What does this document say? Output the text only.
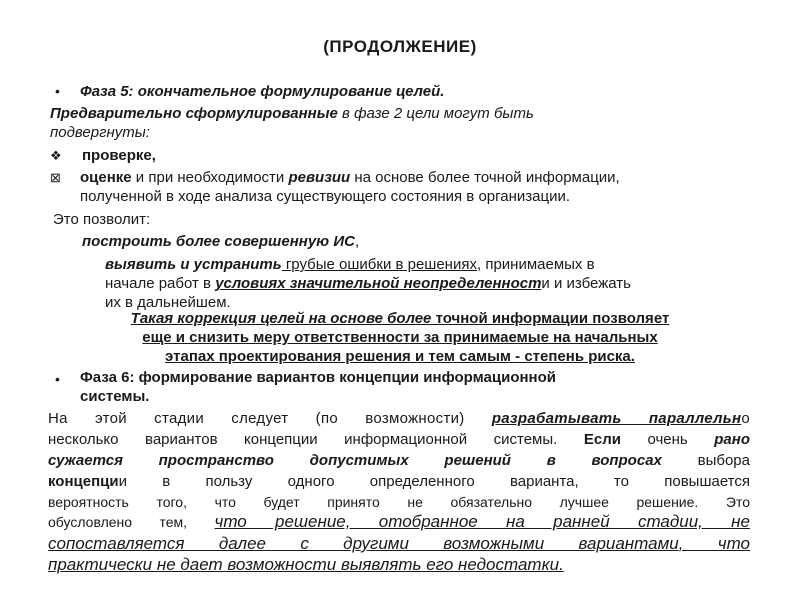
(ПРОДОЛЖЕНИЕ)
• Фаза 5: окончательное формулирование целей.
Предварительно сформулированные в фазе 2 цели могут быть
подвергнуты:
❖ проверке,
⊠ оценке и при необходимости ревизии на основе более точной информации,
полученной в ходе анализа существующего состояния в организации.
Это позволит:
построить более совершенную ИС,
выявить и устранить грубые ошибки в решениях, принимаемых в
начале работ в условиях значительной неопределенности и избежать
их в дальнейшем.
Такая коррекция целей на основе более точной информации позволяет
еще и снизить меру ответственности за принимаемые на начальных
этапах проектирования решения и тем самым - степень риска.
• Фаза 6: формирование вариантов концепции информационной
системы.
На этой стадии следует (по возможности) разрабатывать параллельно
несколько вариантов концепции информационной системы. Если очень рано
сужается пространство допустимых решений в вопросах выбора
концепции в пользу одного определенного варианта, то повышается
вероятность того, что будет принято не обязательно лучшее решение. Это
обусловлено тем, что решение, отобранное на ранней стадии, не
сопоставляется далее с другими возможными вариантами, что
практически не дает возможности выявлять его недостатки.
